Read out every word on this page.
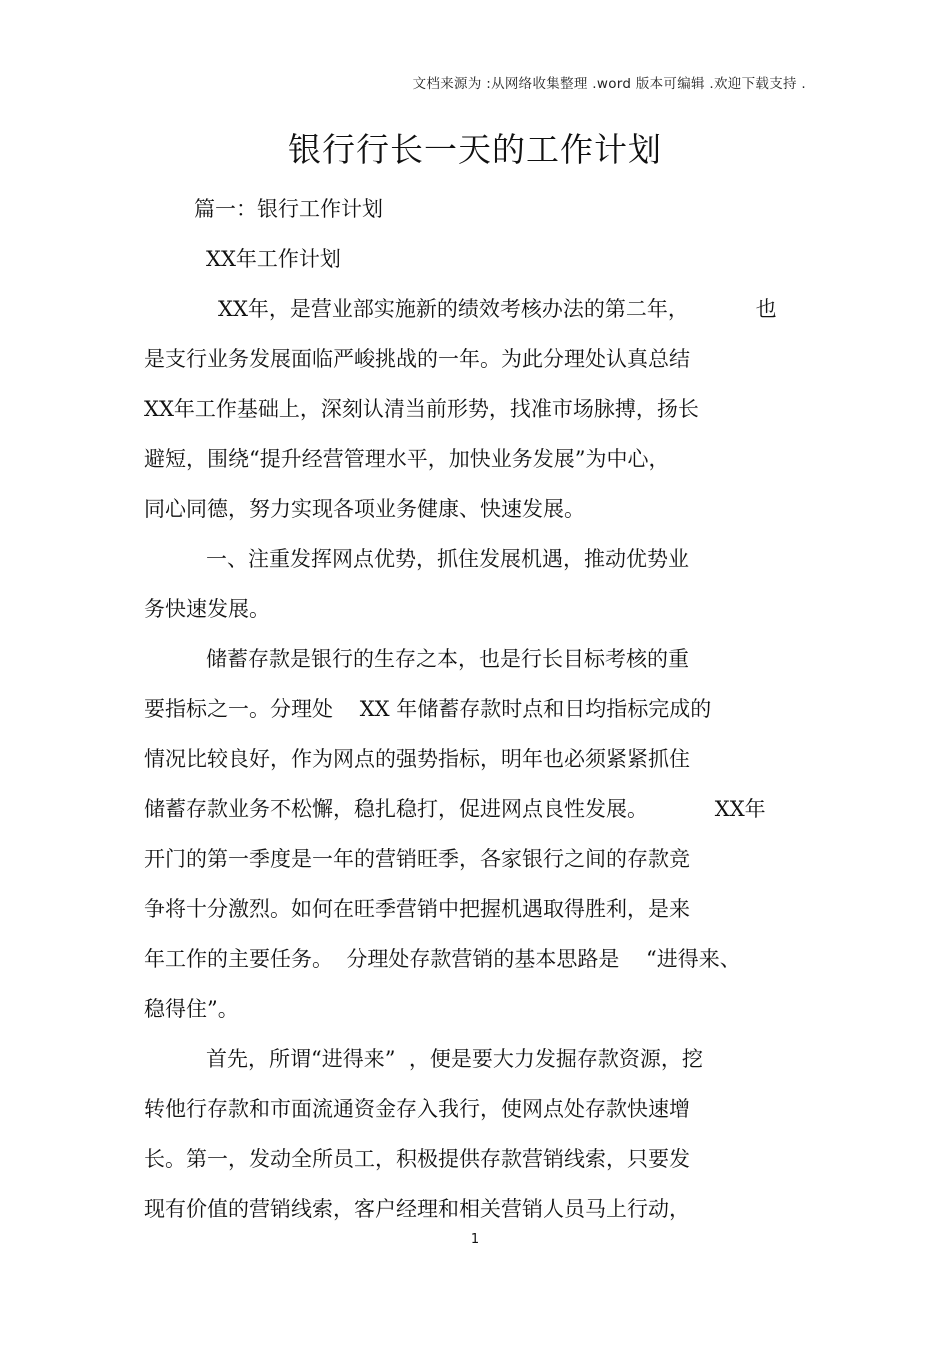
文档来源为 :从网络收集整理 .word 版本可编辑 .欢迎下载支持 .
银行行长一天的工作计划
篇一：银行工作计划
XX年工作计划
XX年，是营业部实施新的绩效考核办法的第二年，          也
是支行业务发展面临严峻挑战的一年。为此分理处认真总结
XX年工作基础上，深刻认清当前形势，找准市场脉搏，扬长
避短，围绕“提升经营管理水平，加快业务发展”为中心，
同心同德，努力实现各项业务健康、快速发展。
一、注重发挥网点优势，抓住发展机遇，推动优势业
务快速发展。
储蓄存款是银行的生存之本，也是行长目标考核的重
要指标之一。分理处    XX 年储蓄存款时点和日均指标完成的
情况比较良好，作为网点的强势指标，明年也必须紧紧抓住
储蓄存款业务不松懈，稳扎稳打，促进网点良性发展。          XX年
开门的第一季度是一年的营销旺季，各家银行之间的存款竞
争将十分激烈。如何在旺季营销中把握机遇取得胜利，是来
年工作的主要任务。  分理处存款营销的基本思路是    “进得来、
稳得住”。
首先，所谓“进得来”  ，便是要大力发掘存款资源，挖
转他行存款和市面流通资金存入我行，使网点处存款快速增
长。第一，发动全所员工，积极提供存款营销线索，只要发
现有价值的营销线索，客户经理和相关营销人员马上行动，
1
